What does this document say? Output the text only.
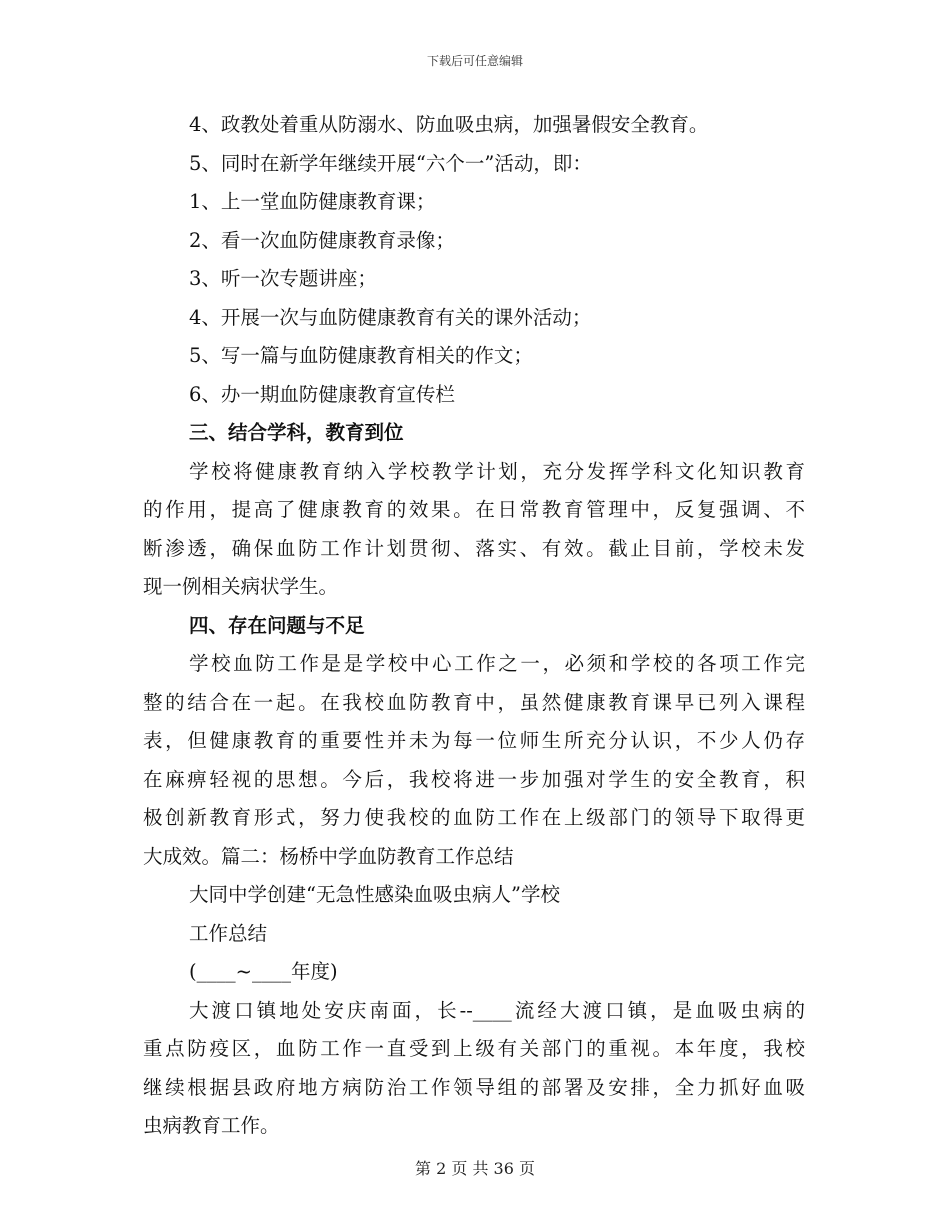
下载后可任意编辑
4、政教处着重从防溺水、防血吸虫病，加强暑假安全教育。
5、同时在新学年继续开展“六个一”活动，即：
1、上一堂血防健康教育课；
2、看一次血防健康教育录像；
3、听一次专题讲座；
4、开展一次与血防健康教育有关的课外活动；
5、写一篇与血防健康教育相关的作文；
6、办一期血防健康教育宣传栏
三、结合学科，教育到位
学校将健康教育纳入学校教学计划，充分发挥学科文化知识教育
的作用，提高了健康教育的效果。在日常教育管理中，反复强调、不
断渗透，确保血防工作计划贯彻、落实、有效。截止目前，学校未发
现一例相关病状学生。
四、存在问题与不足
学校血防工作是是学校中心工作之一，必须和学校的各项工作完
整的结合在一起。在我校血防教育中，虽然健康教育课早已列入课程
表，但健康教育的重要性并未为每一位师生所充分认识，不少人仍存
在麻痹轻视的思想。今后，我校将进一步加强对学生的安全教育，积
极创新教育形式，努力使我校的血防工作在上级部门的领导下取得更
大成效。篇二：杨桥中学血防教育工作总结
大同中学创建“无急性感染血吸虫病人”学校
工作总结
(____~____年度)
大渡口镇地处安庆南面，长--____流经大渡口镇，是血吸虫病的
重点防疫区，血防工作一直受到上级有关部门的重视。本年度，我校
继续根据县政府地方病防治工作领导组的部署及安排，全力抓好血吸
虫病教育工作。
第 2 页 共 36 页
